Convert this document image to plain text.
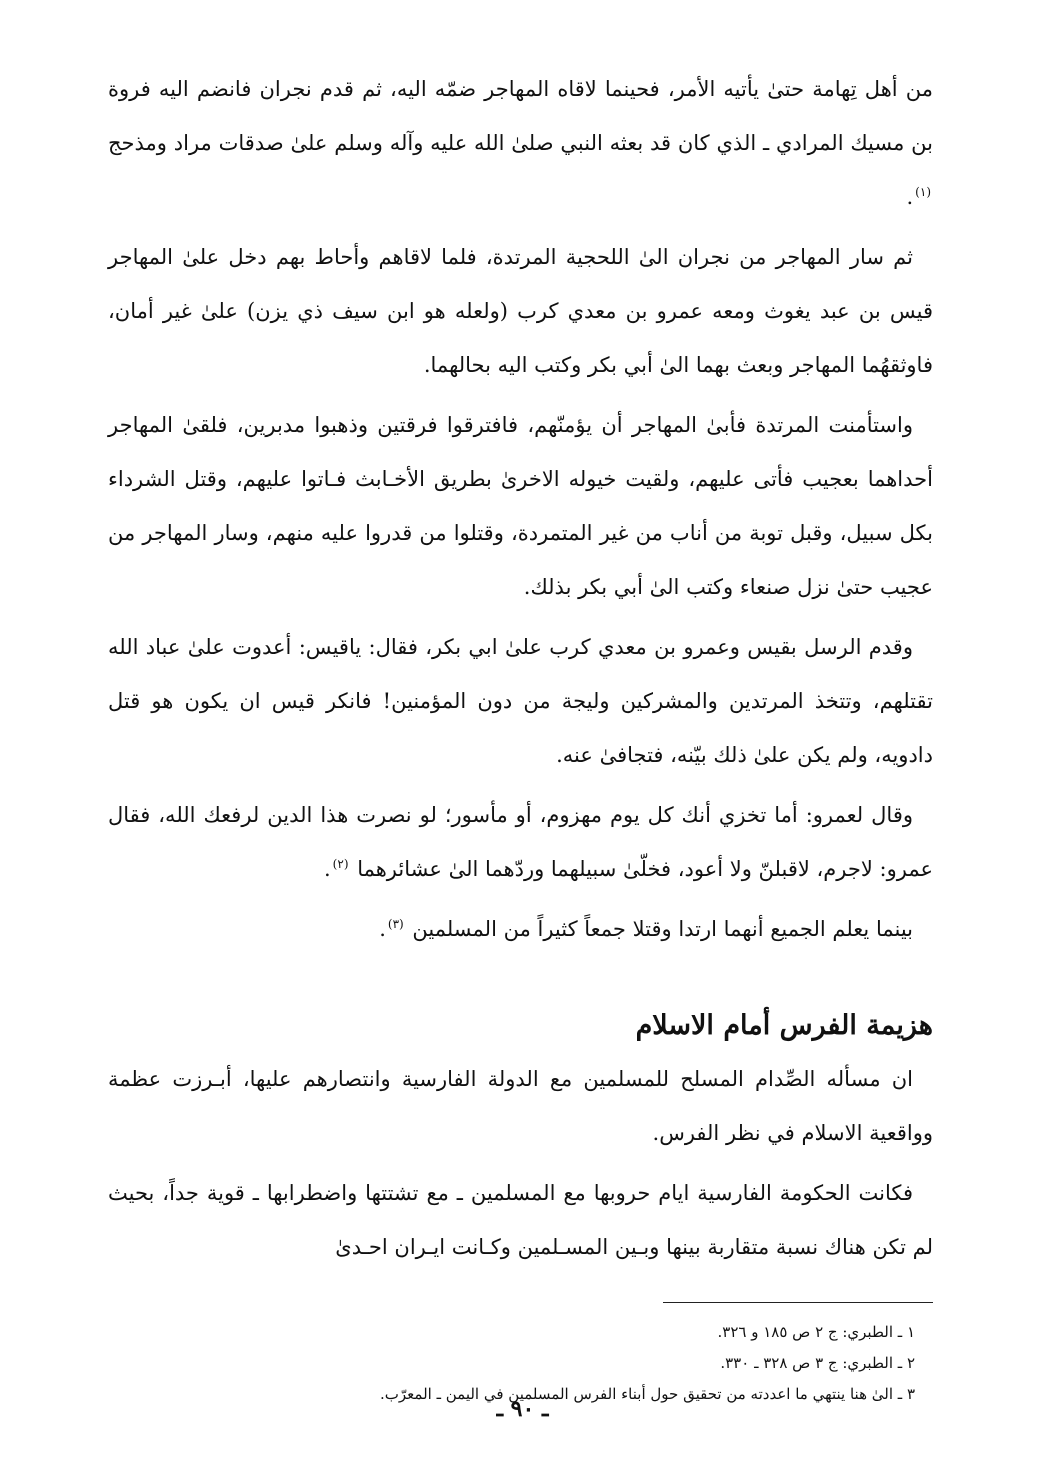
من أهل تِهامة حتىٰ يأتيه الأمر، فحينما لاقاه المهاجر ضمّه اليه، ثم قدم نجران فانضم اليه فروة بن مسيك المرادي ـ الذي كان قد بعثه النبي صلىٰ الله عليه وآله وسلم علىٰ صدقات مراد ومذحج $^{(١)}$.

ثم سار المهاجر من نجران الىٰ اللحجية المرتدة، فلما لاقاهم وأحاط بهم دخل علىٰ المهاجر قيس بن عبد يغوث ومعه عمرو بن معدي كرب (ولعله هو ابن سيف ذي يزن) علىٰ غير أمان، فاوثقهُما المهاجر وبعث بهما الىٰ أبي بكر وكتب اليه بحالهما.

واستأمنت المرتدة فأبىٰ المهاجر أن يؤمنّهم، فافترقوا فرقتين وذهبوا مدبرين، فلقىٰ المهاجر أحداهما بعجيب فأتى عليهم، ولقيت خيوله الاخرىٰ بطريق الأخـابث فـاتوا عليهم، وقتل الشرداء بكل سبيل، وقبل توبة من أناب من غير المتمردة، وقتلوا من قدروا عليه منهم، وسار المهاجر من عجيب حتىٰ نزل صنعاء وكتب الىٰ أبي بكر بذلك.

وقدم الرسل بقيس وعمرو بن معدي كرب علىٰ ابي بكر، فقال: ياقيس: أعدوت علىٰ عباد الله تقتلهم، وتتخذ المرتدين والمشركين وليجة من دون المؤمنين! فانكر قيس ان يكون هو قتل دادويه، ولم يكن علىٰ ذلك بيّنه، فتجافىٰ عنه.

وقال لعمرو: أما تخزي أنك كل يوم مهزوم، أو مأسور؛ لو نصرت هذا الدين لرفعك الله، فقال عمرو: لاجرم، لاقبلنّ ولا أعود، فخلّىٰ سبيلهما وردّهما الىٰ عشائرهما $^{(٢)}$.

بينما يعلم الجميع أنهما ارتدا وقتلا جمعاً كثيراً من المسلمين $^{(٣)}$.

هزيمة الفرس أمام الاسلام

ان مسأله الصِّدام المسلح للمسلمين مع الدولة الفارسية وانتصارهم عليها، أبـرزت عظمة وواقعية الاسلام في نظر الفرس.

فكانت الحكومة الفارسية ايام حروبها مع المسلمين ـ مع تشتتها واضطرابها ـ قوية جداً، بحيث لم تكن هناك نسبة متقاربة بينها وبـين المسـلمين وكـانت ايـران احـدىٰ

١ ـ الطبري: ج ٢ ص ١٨٥ و ٣٢٦.
٢ ـ الطبري: ج ٣ ص ٣٢٨ ـ ٣٣٠.
٣ ـ الىٰ هنا ينتهي ما اعددته من تحقيق حول أبناء الفرس المسلمين في اليمن ـ المعرّب.
ـ ٩٠ ـ
